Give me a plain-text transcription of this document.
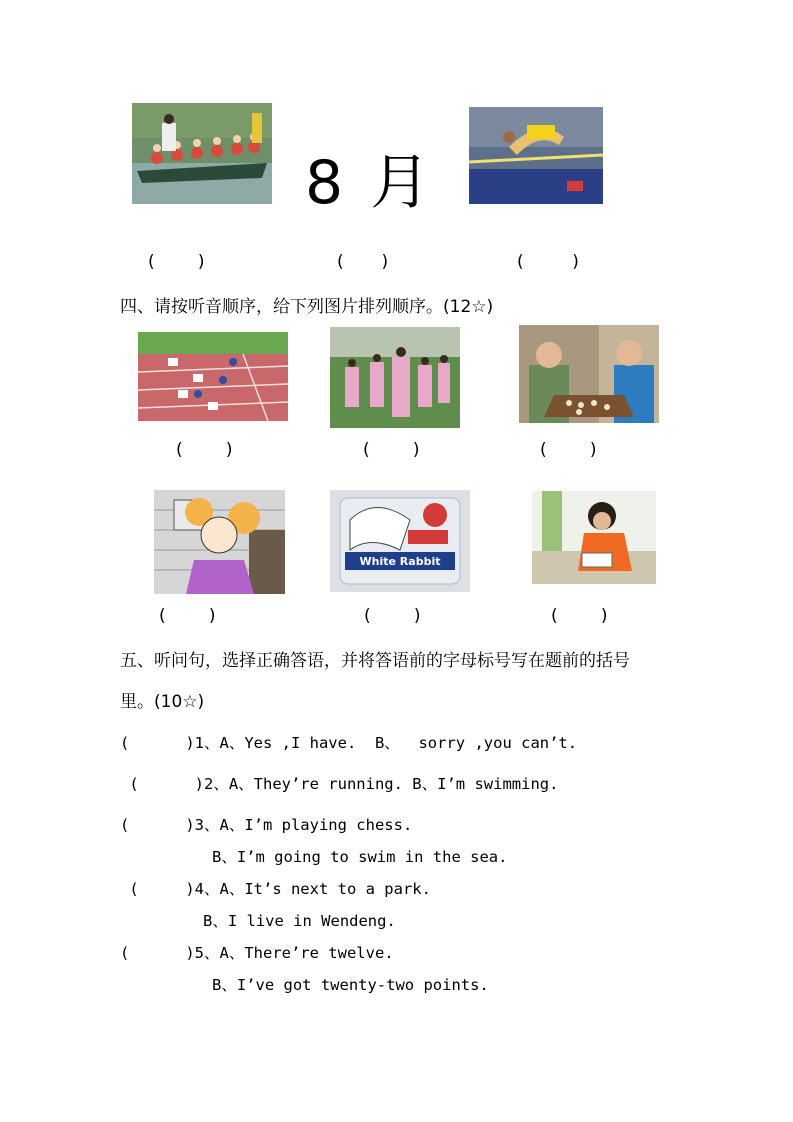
8 月
(        )	(       )	(         )
四、请按听音顺序，给下列图片排列顺序。(12☆)
(        )	(        )	(        )
White Rabbit
(        )	(        )	(        )
五、听问句，选择正确答语，并将答语前的字母标号写在题前的括号
里。(10☆)
(      )1、A、Yes ,I have.  B、  sorry ,you can’t.
(      )2、A、They’re running. B、I’m swimming.
(      )3、A、I’m playing chess.
B、I’m going to swim in the sea.
(     )4、A、It’s next to a park.
B、I live in Wendeng.
(      )5、A、There’re twelve.
B、I’ve got twenty-two points.
